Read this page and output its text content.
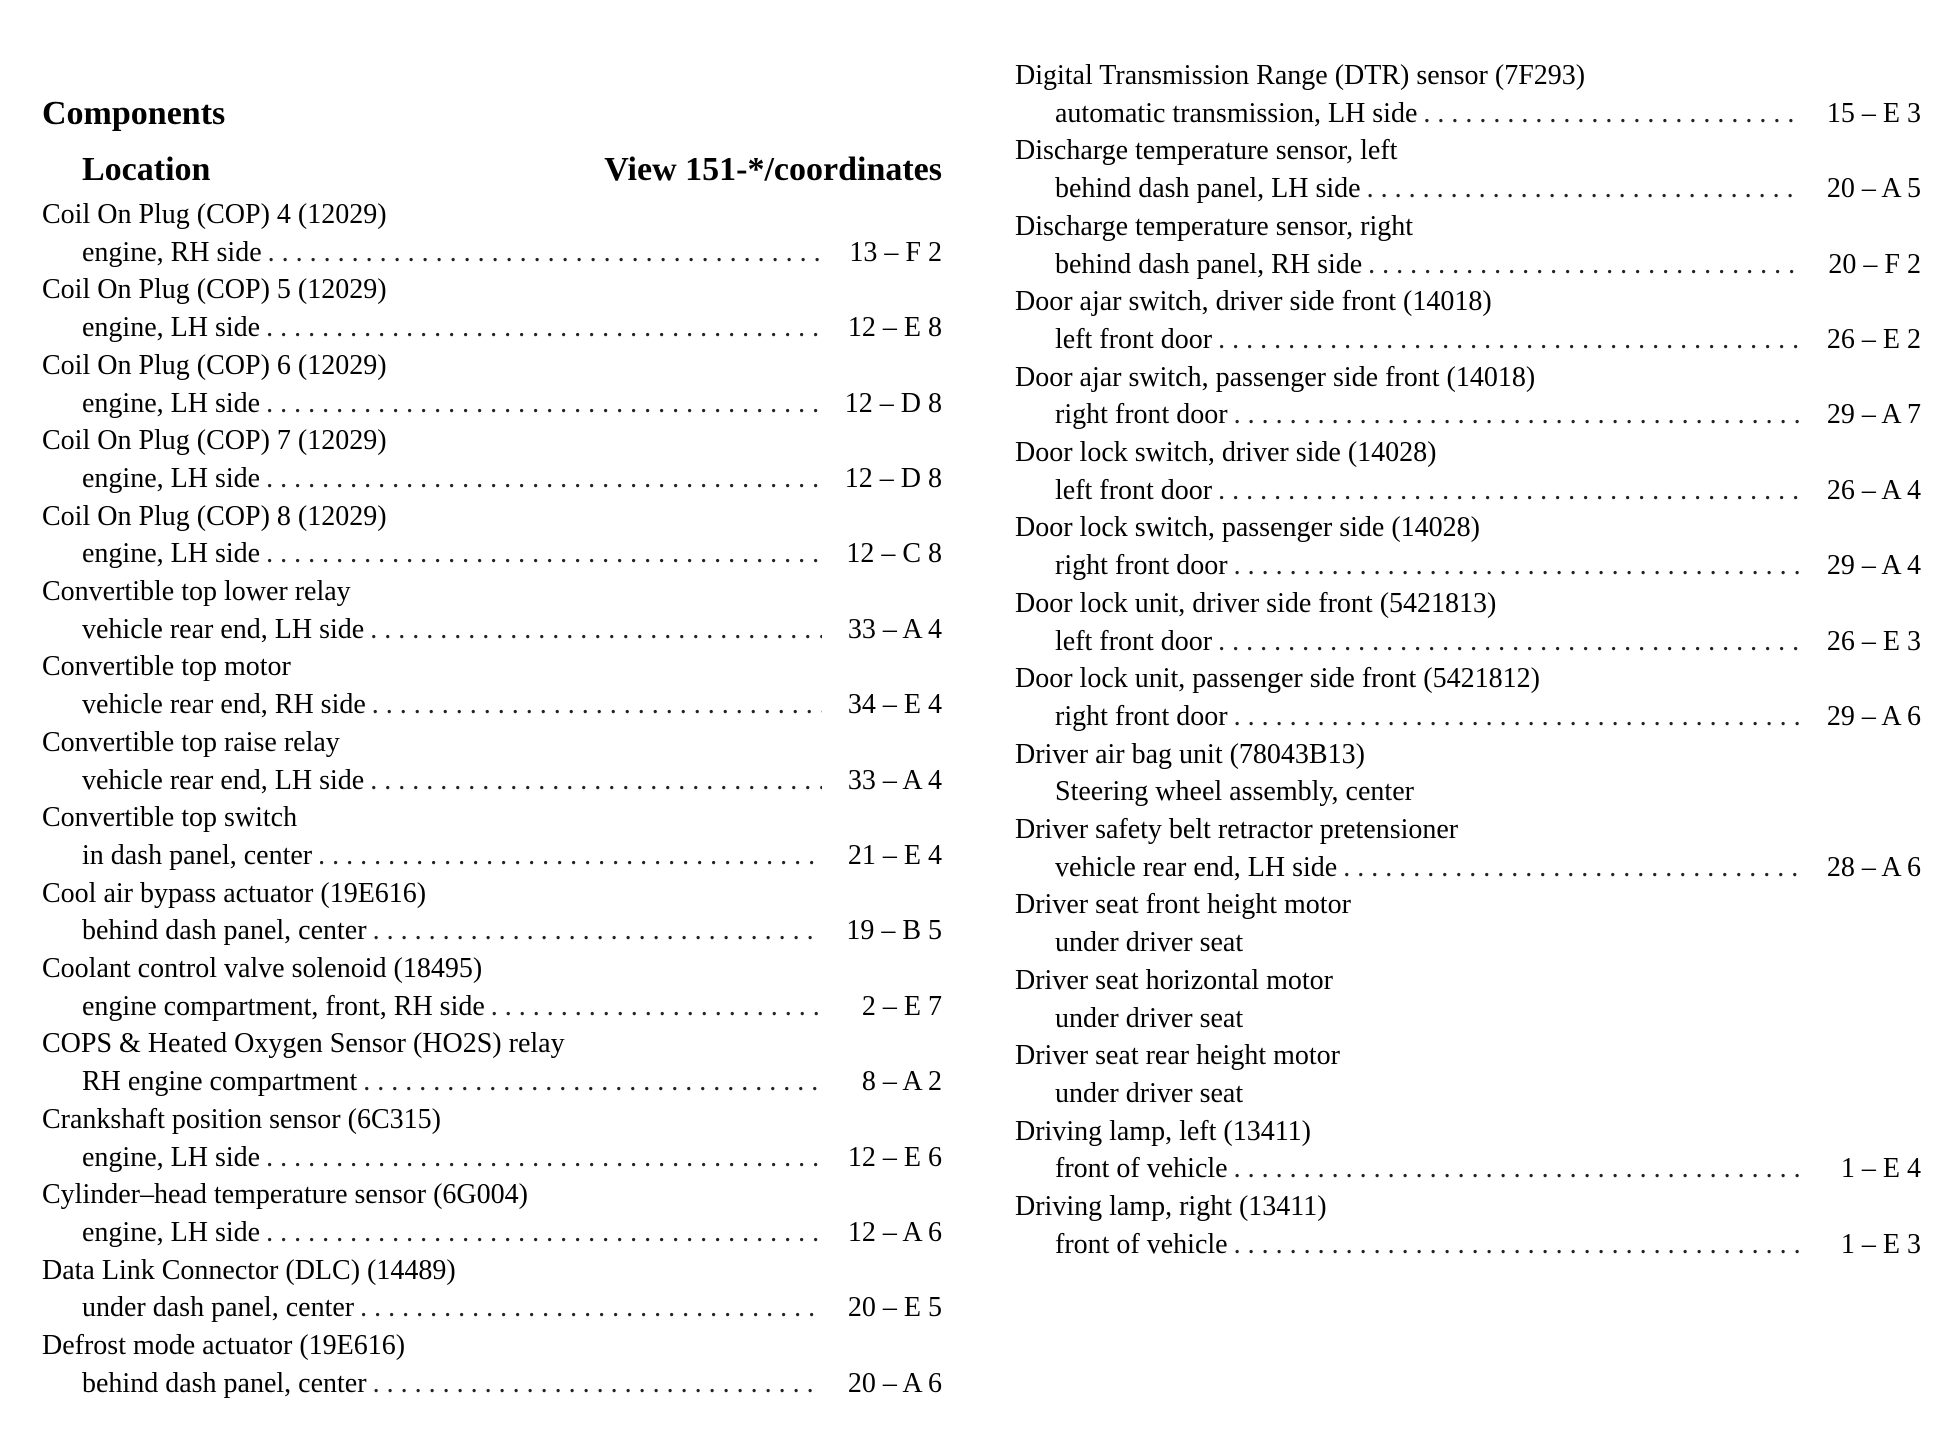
Components
Location	View 151-*/coordinates
Coil On Plug (COP) 4 (12029)
engine, RH side . . .	13 – F 2
Coil On Plug (COP) 5 (12029)
engine, LH side . . .	12 – E 8
Coil On Plug (COP) 6 (12029)
engine, LH side . . .	12 – D 8
Coil On Plug (COP) 7 (12029)
engine, LH side . . .	12 – D 8
Coil On Plug (COP) 8 (12029)
engine, LH side . . .	12 – C 8
Convertible top lower relay
vehicle rear end, LH side . . .	33 – A 4
Convertible top motor
vehicle rear end, RH side . . .	34 – E 4
Convertible top raise relay
vehicle rear end, LH side . . .	33 – A 4
Convertible top switch
in dash panel, center . . .	21 – E 4
Cool air bypass actuator (19E616)
behind dash panel, center . . .	19 – B 5
Coolant control valve solenoid (18495)
engine compartment, front, RH side . . .	2 – E 7
COPS & Heated Oxygen Sensor (HO2S) relay
RH engine compartment . . .	8 – A 2
Crankshaft position sensor (6C315)
engine, LH side . . .	12 – E 6
Cylinder–head temperature sensor (6G004)
engine, LH side . . .	12 – A 6
Data Link Connector (DLC) (14489)
under dash panel, center . . .	20 – E 5
Defrost mode actuator (19E616)
behind dash panel, center . . .	20 – A 6
Digital Transmission Range (DTR) sensor (7F293)
automatic transmission, LH side . . .	15 – E 3
Discharge temperature sensor, left
behind dash panel, LH side . . .	20 – A 5
Discharge temperature sensor, right
behind dash panel, RH side . . .	20 – F 2
Door ajar switch, driver side front (14018)
left front door . . .	26 – E 2
Door ajar switch, passenger side front (14018)
right front door . . .	29 – A 7
Door lock switch, driver side (14028)
left front door . . .	26 – A 4
Door lock switch, passenger side (14028)
right front door . . .	29 – A 4
Door lock unit, driver side front (5421813)
left front door . . .	26 – E 3
Door lock unit, passenger side front (5421812)
right front door . . .	29 – A 6
Driver air bag unit (78043B13)
Steering wheel assembly, center
Driver safety belt retractor pretensioner
vehicle rear end, LH side . . .	28 – A 6
Driver seat front height motor
under driver seat
Driver seat horizontal motor
under driver seat
Driver seat rear height motor
under driver seat
Driving lamp, left (13411)
front of vehicle . . .	1 – E 4
Driving lamp, right (13411)
front of vehicle . . .	1 – E 3
